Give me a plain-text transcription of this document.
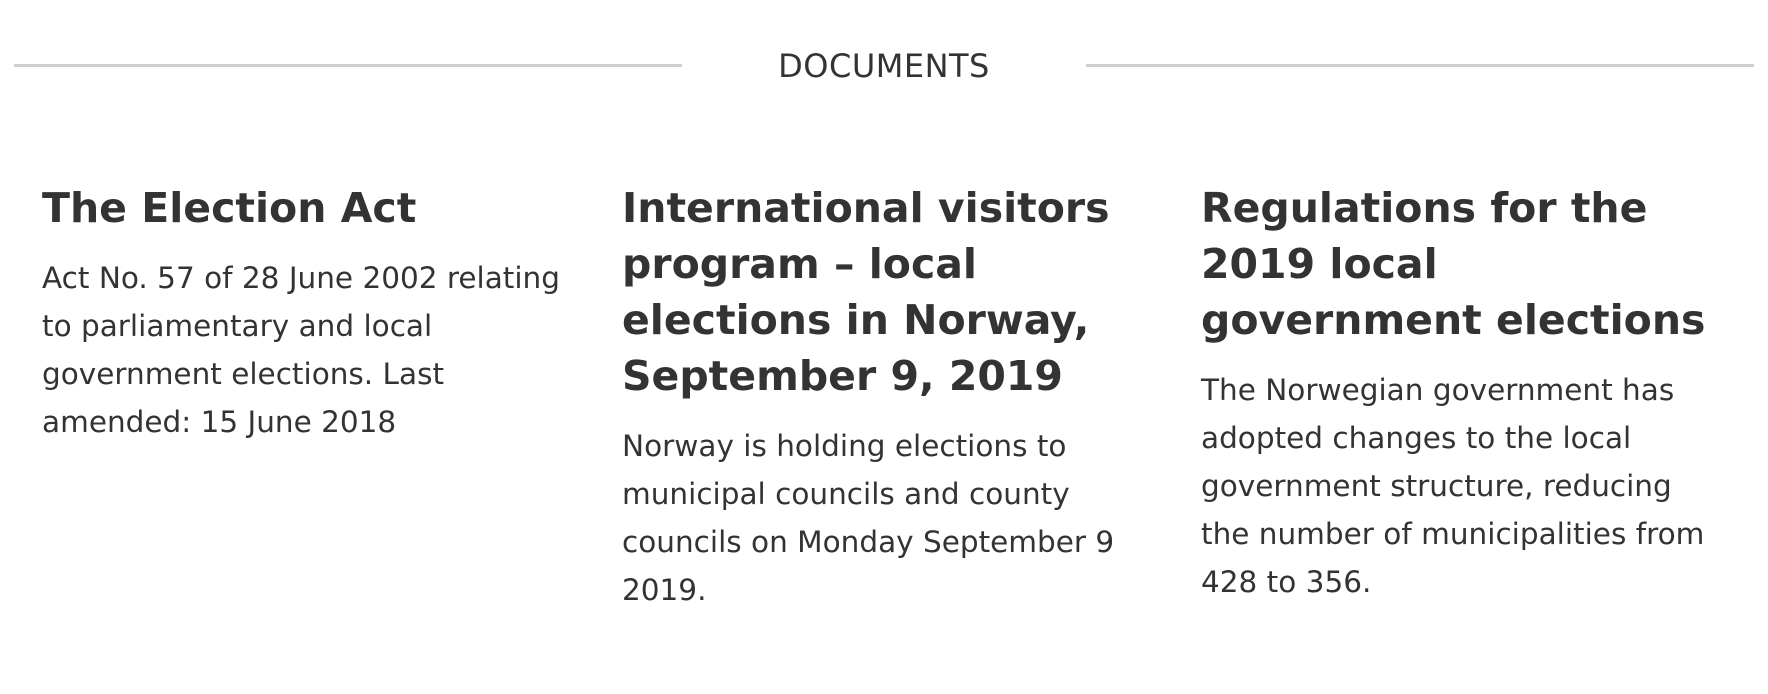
DOCUMENTS
The Election Act

Act No. 57 of 28 June 2002 relating to parliamentary and local government elections. Last amended: 15 June 2018

International visitors program – local elections in Norway, September 9, 2019

Norway is holding elections to municipal councils and county councils on Monday September 9 2019.

Regulations for the 2019 local government elections

The Norwegian government has adopted changes to the local government structure, reducing the number of municipalities from 428 to 356.
